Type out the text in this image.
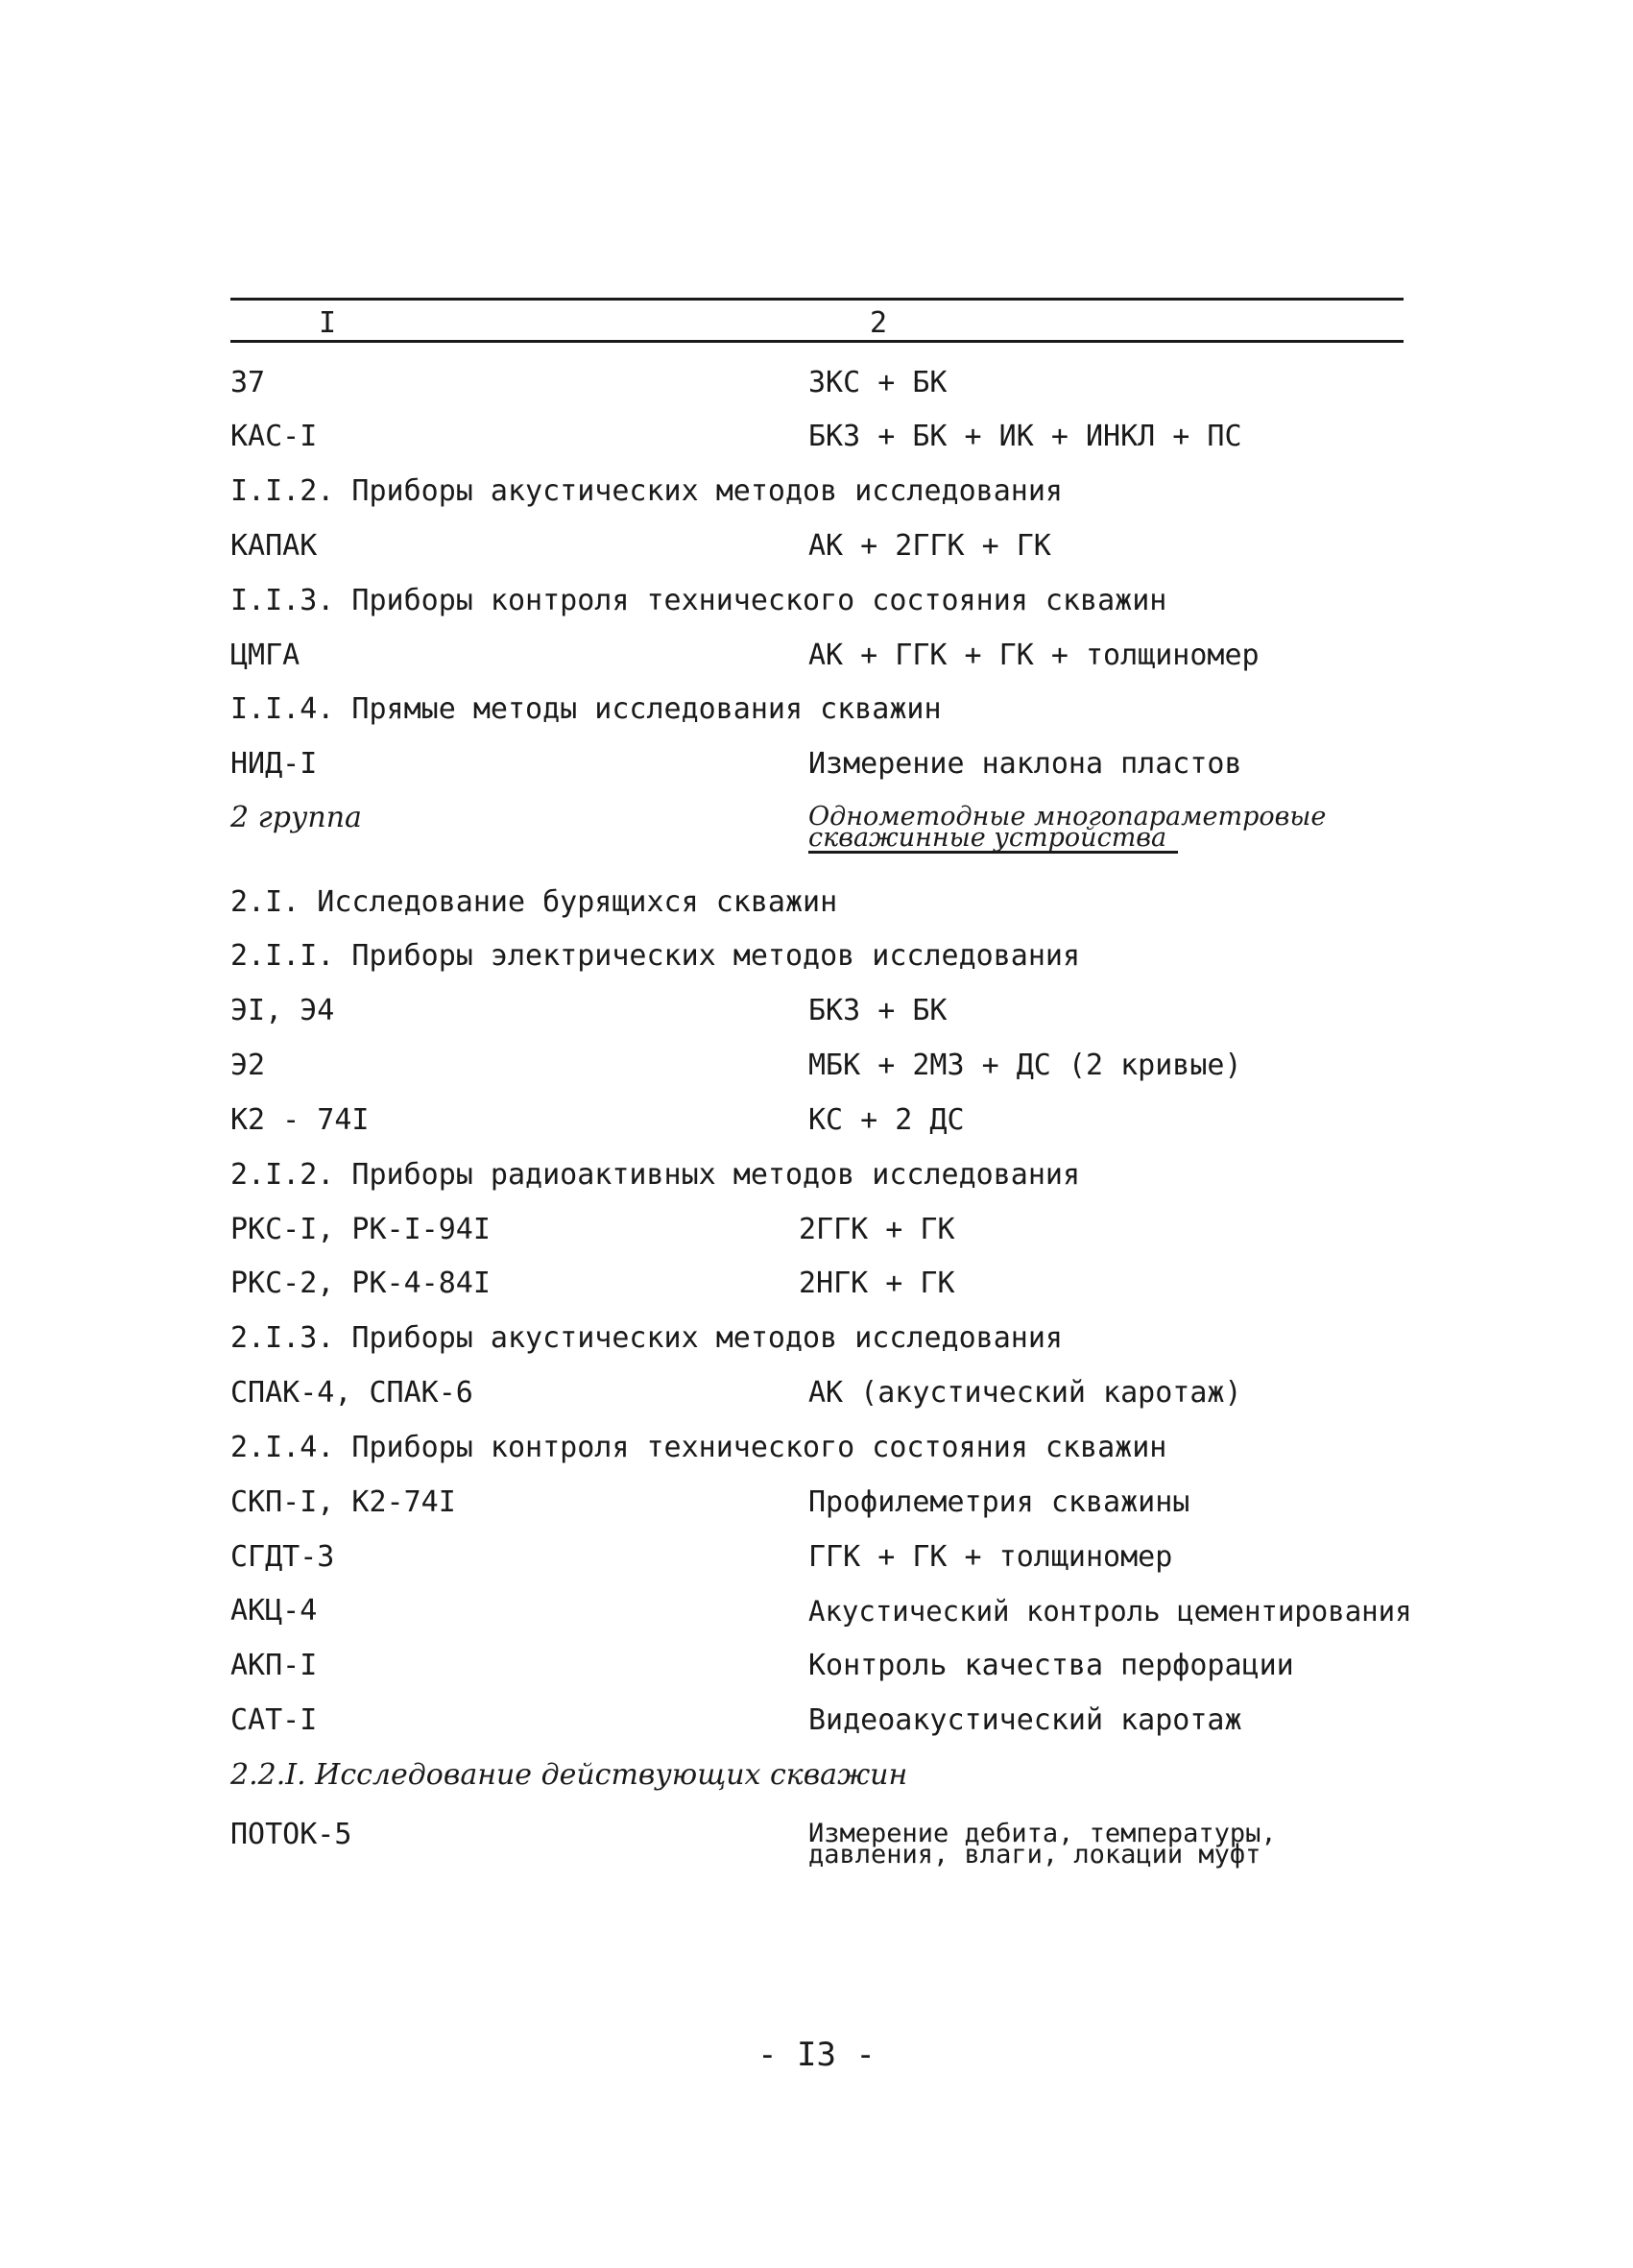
I	2
37	ЗКС + БК
КАС-I	БКЗ + БК + ИК + ИНКЛ + ПС
I.I.2. Приборы акустических методов исследования
КАПАК	АК + 2ГГК + ГК
I.I.3. Приборы контроля технического состояния скважин
ЦМГА	АК + ГГК + ГК + толщиномер
I.I.4. Прямые методы исследования скважин
НИД-I	Измерение наклона пластов
2 группа	Однометодные многопараметровые
скважинные устройства
2.I. Исследование бурящихся скважин
2.I.I. Приборы электрических методов исследования
ЭI, Э4	БКЗ + БК
Э2	МБК + 2МЗ + ДС (2 кривые)
К2 - 74I	КС + 2 ДС
2.I.2. Приборы радиоактивных методов исследования
РКС-I, РК-I-94I	2ГГК + ГК
РКС-2, РК-4-84I	2НГК + ГК
2.I.3. Приборы акустических методов исследования
СПАК-4, СПАК-6	АК (акустический каротаж)
2.I.4. Приборы контроля технического состояния скважин
СКП-I, К2-74I	Профилеметрия скважины
СГДТ-3	ГГК + ГК + толщиномер
АКЦ-4	Акустический контроль цементирования
АКП-I	Контроль качества перфорации
САТ-I	Видеоакустический каротаж
2.2.I. Исследование действующих скважин
ПОТОК-5	Измерение дебита, температуры,
давления, влаги, локации муфт
- I3 -
